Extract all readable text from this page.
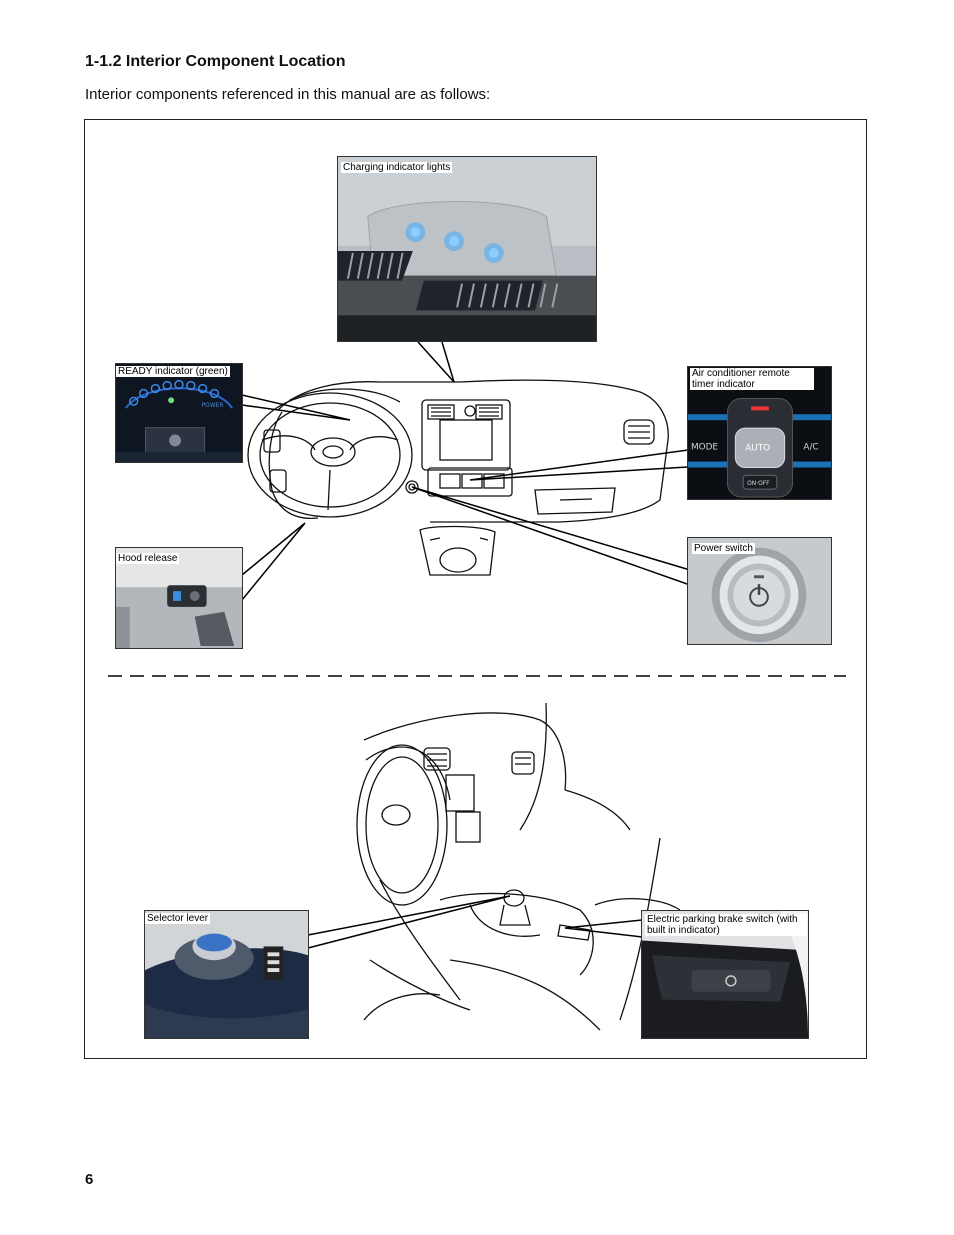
1-1.2 Interior Component Location
Interior components referenced in this manual are as follows:
Charging indicator lights
POWER
READY indicator (green)
MODE	AUTO	A/C
ON·OFF
Air conditioner remote timer indicator
Hood release
Power switch
Selector lever	Electric parking brake switch (with built in indicator)
6
